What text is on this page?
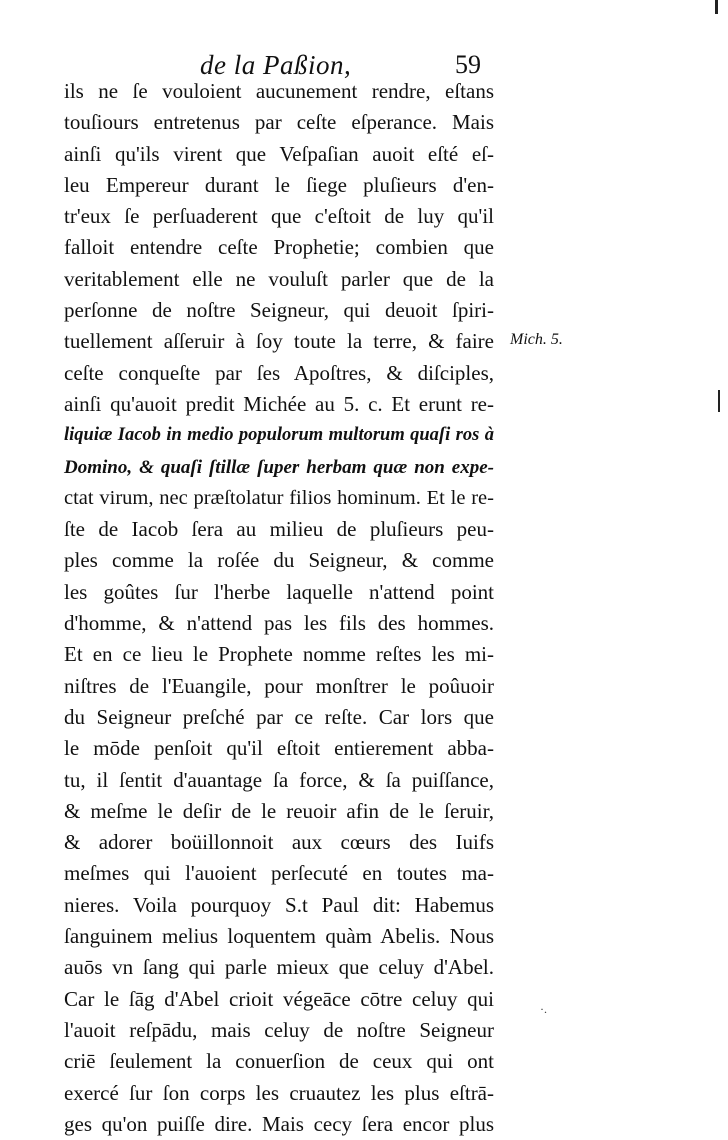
de la Paßion,	59
ils ne ſe vouloient aucunement rendre, eſtans
touſiours entretenus par ceſte eſperance. Mais
ainſi qu'ils virent que Veſpaſian auoit eſté eſ-
leu Empereur durant le ſiege pluſieurs d'en-
tr'eux ſe perſuaderent que c'eſtoit de luy qu'il
falloit entendre ceſte Prophetie; combien que
veritablement elle ne vouluſt parler que de la
perſonne de noſtre Seigneur, qui deuoit ſpiri-
tuellement aſſeruir à ſoy toute la terre, & faire
ceſte conqueſte par ſes Apoſtres, & diſciples,
ainſi qu'auoit predit Michée au 5. c. Et erunt re-
liquiæ Iacob in medio populorum multorum quaſi ros à
Domino, & quaſi ſtillæ ſuper herbam quæ non expe-
ctat virum, nec præſtolatur filios hominum. Et le re-
ſte de Iacob ſera au milieu de pluſieurs peu-
ples comme la roſée du Seigneur, & comme
les goûtes ſur l'herbe laquelle n'attend point
d'homme, & n'attend pas les fils des hommes.
Et en ce lieu le Prophete nomme reſtes les mi-
niſtres de l'Euangile, pour monſtrer le poûuoir
du Seigneur preſché par ce reſte. Car lors que
le mōde penſoit qu'il eſtoit entierement abba-
tu, il ſentit d'auantage ſa force, & ſa puiſſance,
& meſme le deſir de le reuoir afin de le ſeruir,
& adorer boüillonnoit aux cœurs des Iuifs
meſmes qui l'auoient perſecuté en toutes ma-
nieres. Voila pourquoy S.t Paul dit: Habemus
ſanguinem melius loquentem quàm Abelis. Nous
auōs vn ſang qui parle mieux que celuy d'Abel.
Car le ſāg d'Abel crioit végeāce cōtre celuy qui
l'auoit reſpādu, mais celuy de noſtre Seigneur
criē ſeulement la conuerſion de ceux qui ont
exercé ſur ſon corps les cruautez les plus eſtrā-
ges qu'on puiſſe dire. Mais cecy ſera encor plus
Mich. 5.
·.
